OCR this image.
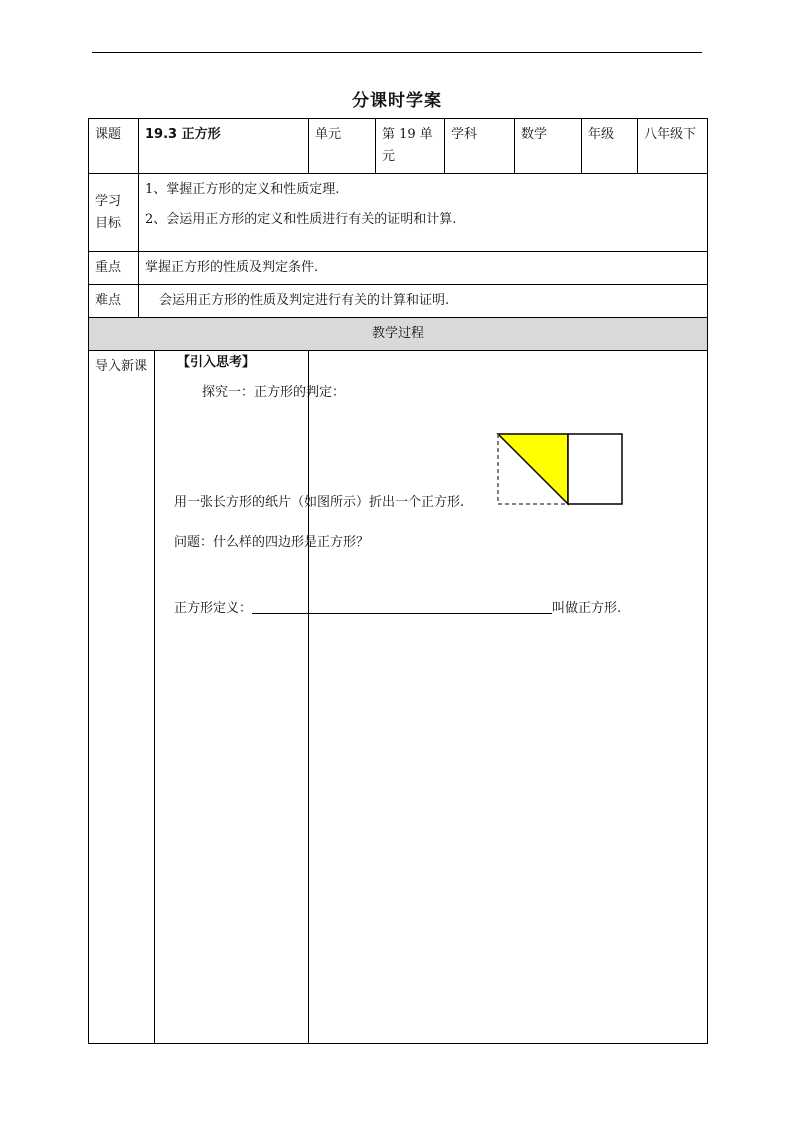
分课时学案
课题	19.3 正方形	单元	第 19 单元	学科	数学	年级	八年级下
学习目标	1、掌握正方形的定义和性质定理.
2、会运用正方形的定义和性质进行有关的证明和计算.						

重点	掌握正方形的性质及判定条件.						
难点	会运用正方形的性质及判定进行有关的计算和证明.						
教学过程							

导入新课							
		【引入思考】
探究一：正方形的判定：
用一张长方形的纸片（如图所示）折出一个正方形.
问题：什么样的四边形是正方形？
正方形定义：	叫做正方形.
